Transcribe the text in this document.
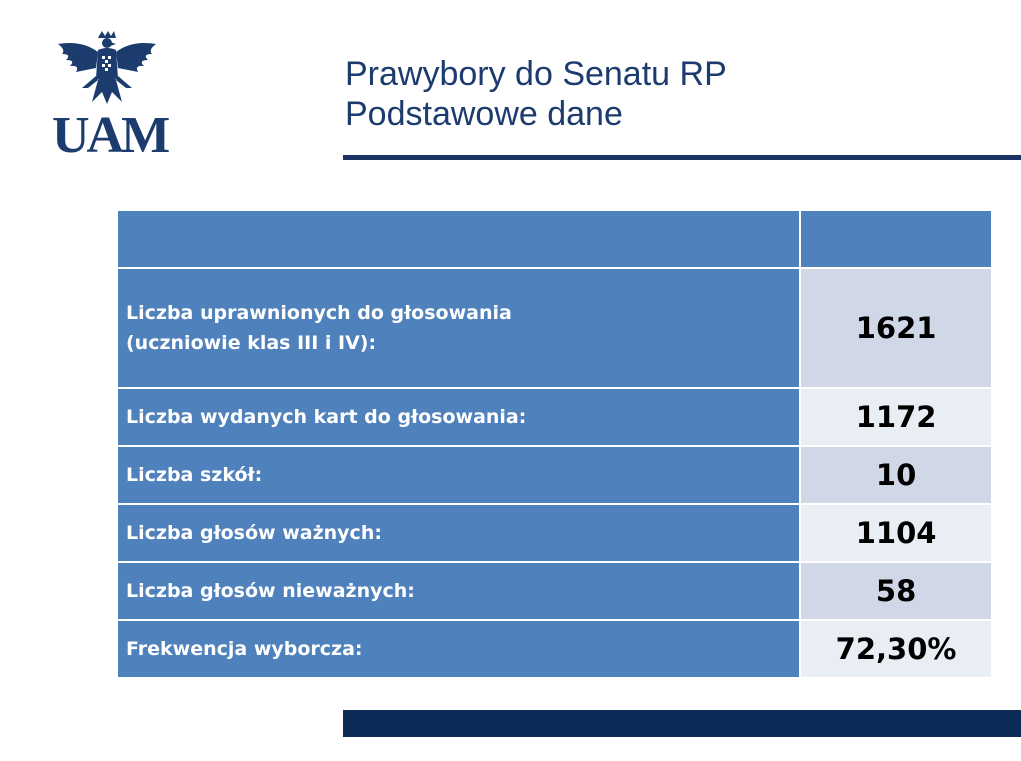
UAM
Prawybory do Senatu RP
Podstawowe dane

Liczba uprawnionych do głosowania
(uczniowie klas III i IV):	1621
Liczba wydanych kart do głosowania:	1172
Liczba szkół:	10
Liczba głosów ważnych:	1104
Liczba głosów nieważnych:	58
Frekwencja wyborcza:	72,30%
